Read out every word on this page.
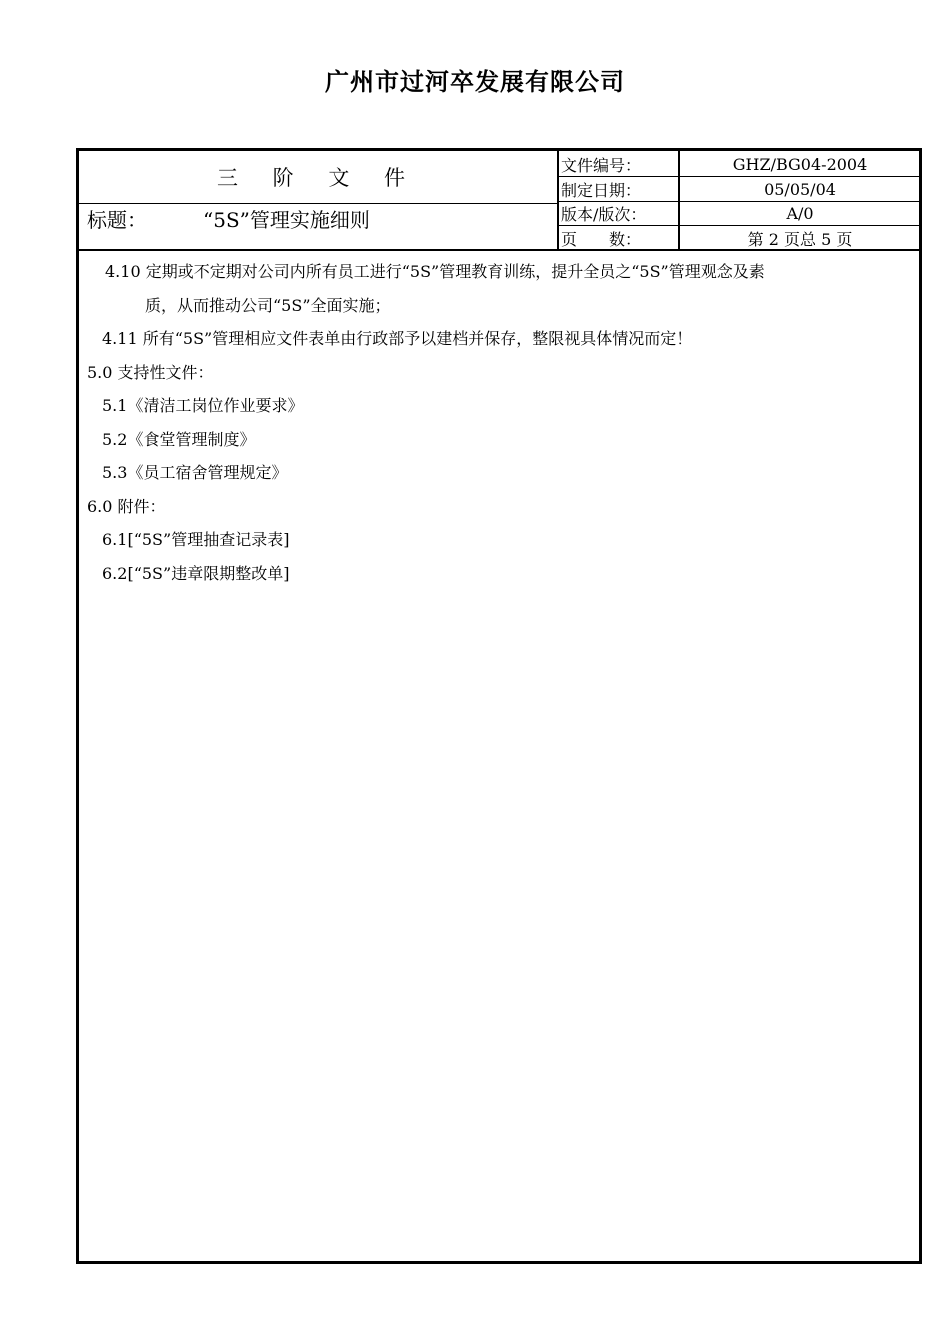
广州市过河卒发展有限公司
三 阶 文 件
标题：	“5S”管理实施细则
文件编号：	GHZ/BG04-2004
制定日期：	05/05/04
版本/版次：	A/0
页　　数：	第 2 页总 5 页
4.10 定期或不定期对公司内所有员工进行“5S”管理教育训练，提升全员之“5S”管理观念及素
质，从而推动公司“5S”全面实施；
4.11 所有“5S”管理相应文件表单由行政部予以建档并保存，整限视具体情况而定！
5.0 支持性文件：
5.1《清洁工岗位作业要求》
5.2《食堂管理制度》
5.3《员工宿舍管理规定》
6.0 附件：
6.1[“5S”管理抽查记录表]
6.2[“5S”违章限期整改单]
